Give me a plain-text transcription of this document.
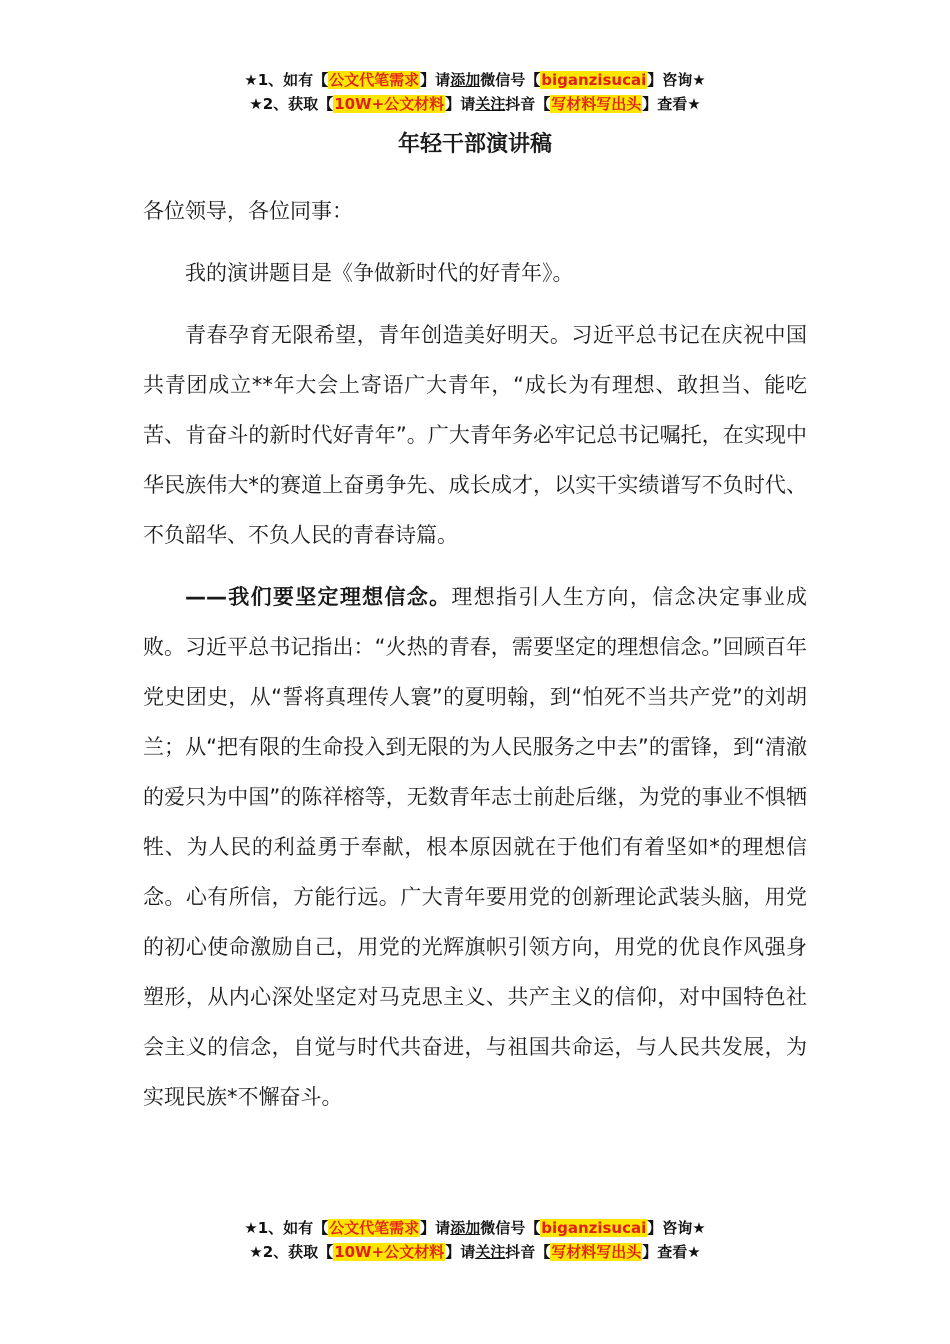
★1、如有【公文代笔需求】请添加微信号【biganzisucai】咨询★
★2、获取【10W+公文材料】请关注抖音【写材料写出头】查看★
年轻干部演讲稿

各位领导，各位同事：

我的演讲题目是《争做新时代的好青年》。

青春孕育无限希望，青年创造美好明天。习近平总书记在庆祝中国共青团成立**年大会上寄语广大青年，“成长为有理想、敢担当、能吃苦、肯奋斗的新时代好青年”。广大青年务必牢记总书记嘱托，在实现中华民族伟大*的赛道上奋勇争先、成长成才，以实干实绩谱写不负时代、不负韶华、不负人民的青春诗篇。

——我们要坚定理想信念。理想指引人生方向，信念决定事业成败。习近平总书记指出：“火热的青春，需要坚定的理想信念。”回顾百年党史团史，从“誓将真理传人寰”的夏明翰，到“怕死不当共产党”的刘胡兰；从“把有限的生命投入到无限的为人民服务之中去”的雷锋，到“清澈的爱只为中国”的陈祥榕等，无数青年志士前赴后继，为党的事业不惧牺牲、为人民的利益勇于奉献，根本原因就在于他们有着坚如*的理想信念。心有所信，方能行远。广大青年要用党的创新理论武装头脑，用党的初心使命激励自己，用党的光辉旗帜引领方向，用党的优良作风强身塑形，从内心深处坚定对马克思主义、共产主义的信仰，对中国特色社会主义的信念，自觉与时代共奋进，与祖国共命运，与人民共发展，为实现民族*不懈奋斗。

★1、如有【公文代笔需求】请添加微信号【biganzisucai】咨询★
★2、获取【10W+公文材料】请关注抖音【写材料写出头】查看★
